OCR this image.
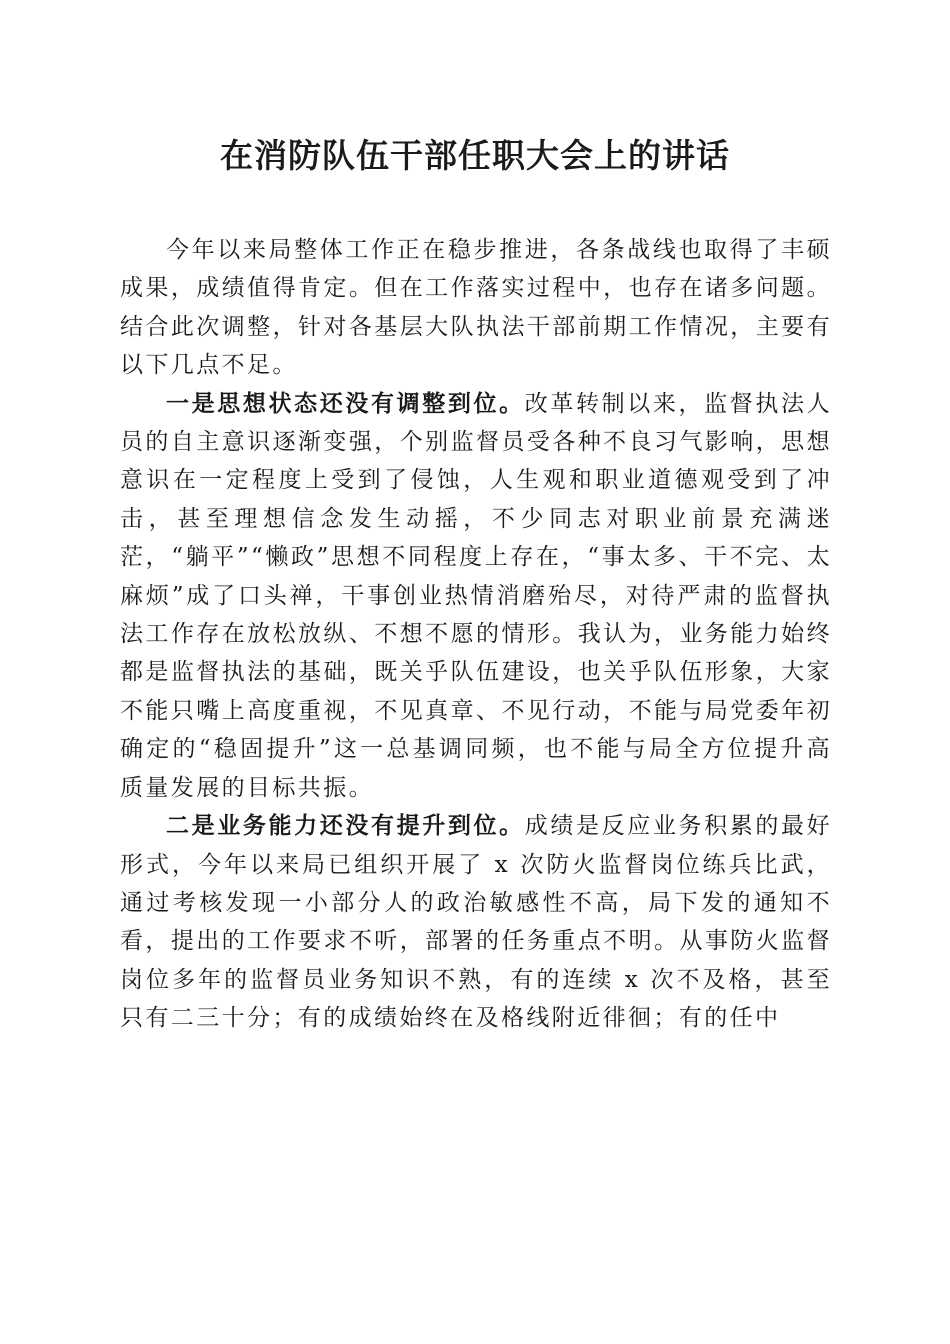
在消防队伍干部任职大会上的讲话

今年以来局整体工作正在稳步推进，各条战线也取得了丰硕成果，成绩值得肯定。但在工作落实过程中，也存在诸多问题。结合此次调整，针对各基层大队执法干部前期工作情况，主要有以下几点不足。

一是思想状态还没有调整到位。改革转制以来，监督执法人员的自主意识逐渐变强，个别监督员受各种不良习气影响，思想意识在一定程度上受到了侵蚀，人生观和职业道德观受到了冲击，甚至理想信念发生动摇，不少同志对职业前景充满迷茫，“躺平”“懒政”思想不同程度上存在，“事太多、干不完、太麻烦”成了口头禅，干事创业热情消磨殆尽，对待严肃的监督执法工作存在放松放纵、不想不愿的情形。我认为，业务能力始终都是监督执法的基础，既关乎队伍建设，也关乎队伍形象，大家不能只嘴上高度重视，不见真章、不见行动，不能与局党委年初确定的“稳固提升”这一总基调同频，也不能与局全方位提升高质量发展的目标共振。

二是业务能力还没有提升到位。成绩是反应业务积累的最好形式，今年以来局已组织开展了 x 次防火监督岗位练兵比武，通过考核发现一小部分人的政治敏感性不高，局下发的通知不看，提出的工作要求不听，部署的任务重点不明。从事防火监督岗位多年的监督员业务知识不熟，有的连续 x 次不及格，甚至只有二三十分；有的成绩始终在及格线附近徘徊；有的任中
